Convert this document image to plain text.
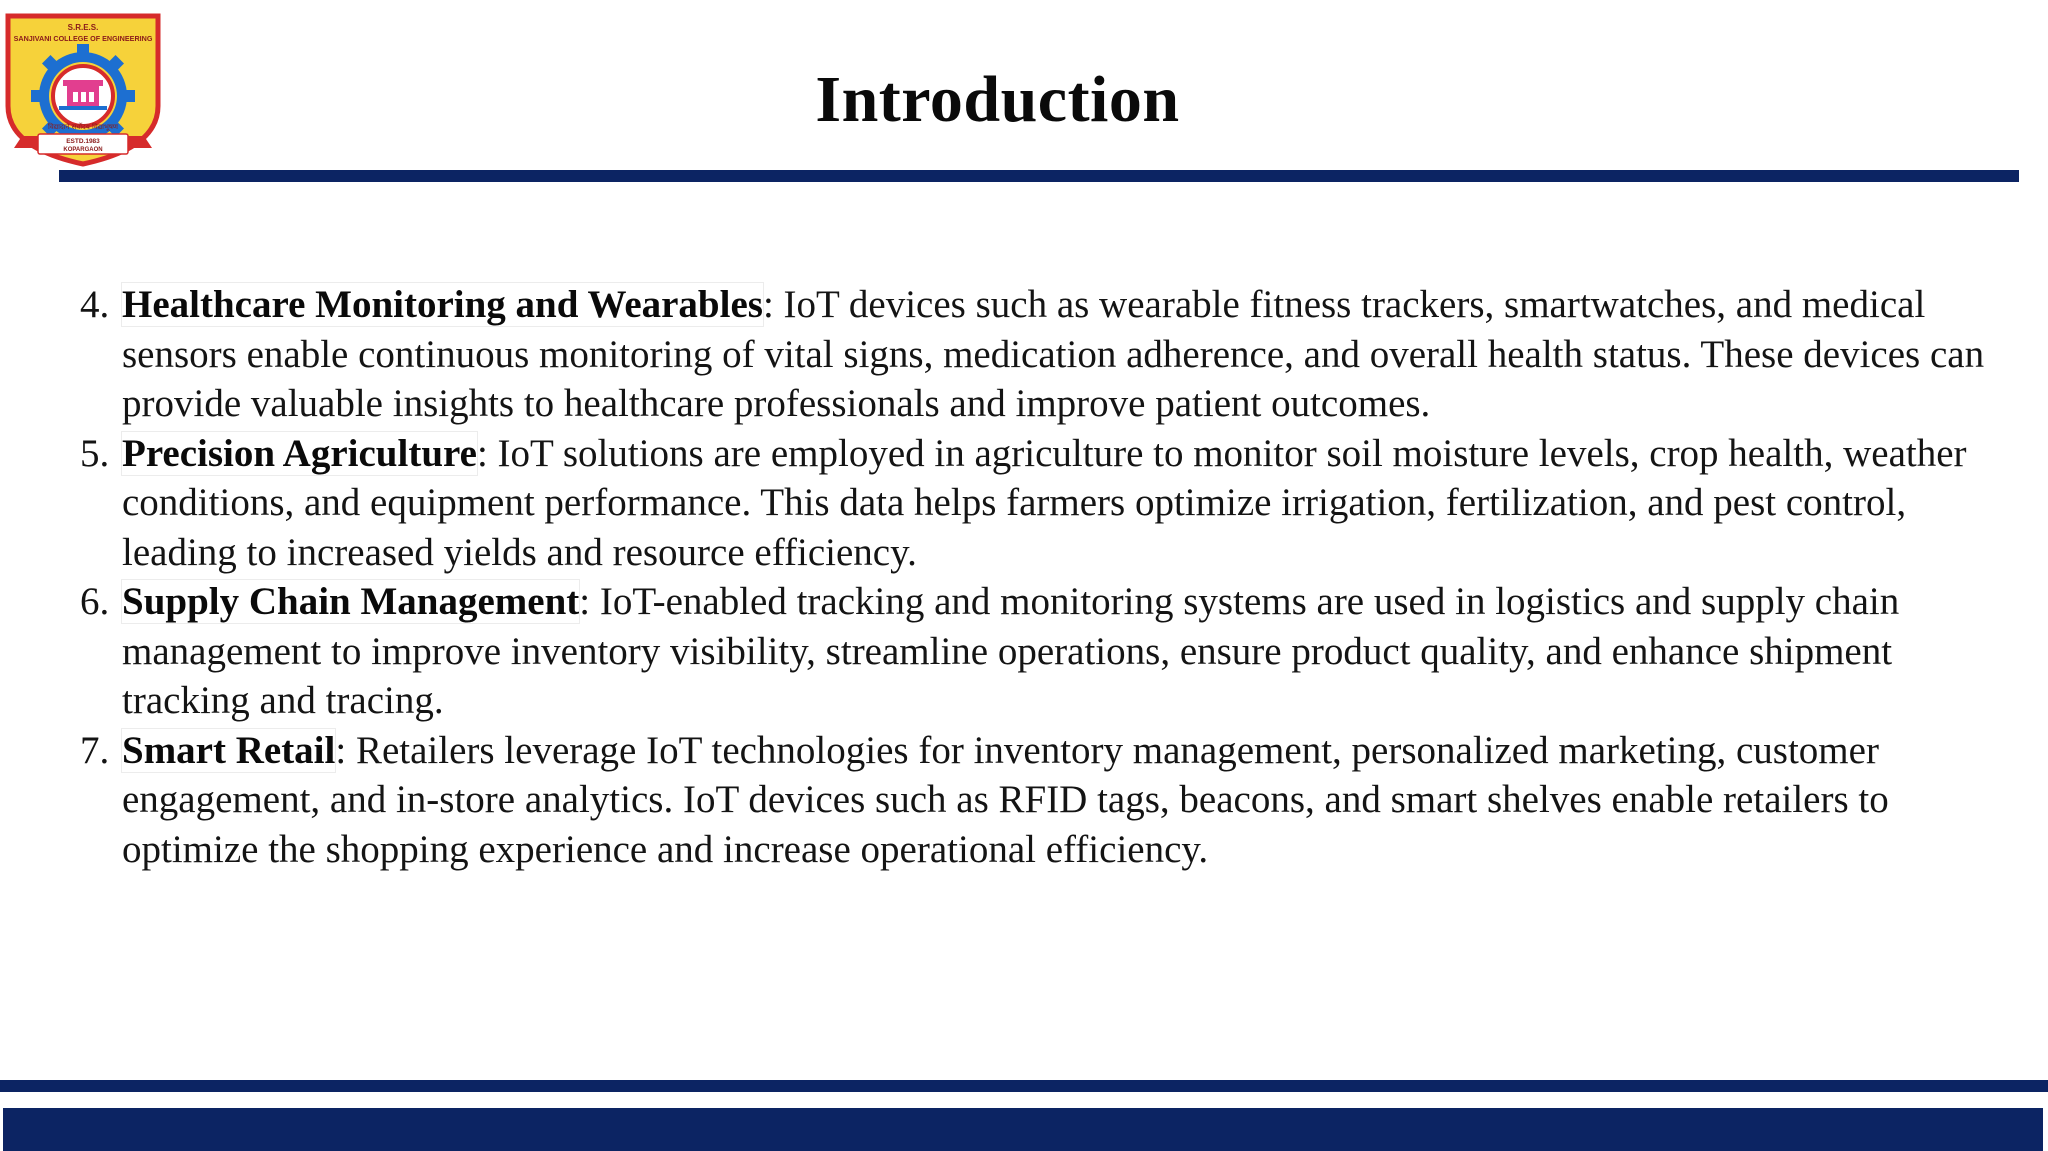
S.R.E.S.
SANJIVANI COLLEGE OF ENGINEERING
विद्यादाने सर्वोदय विद्याभूषण
ESTD.1983
KOPARGAON
Introduction
4. Healthcare Monitoring and Wearables: IoT devices such as wearable fitness trackers, smartwatches, and medical sensors enable continuous monitoring of vital signs, medication adherence, and overall health status. These devices can provide valuable insights to healthcare professionals and improve patient outcomes.
5. Precision Agriculture: IoT solutions are employed in agriculture to monitor soil moisture levels, crop health, weather conditions, and equipment performance. This data helps farmers optimize irrigation, fertilization, and pest control, leading to increased yields and resource efficiency.
6. Supply Chain Management: IoT-enabled tracking and monitoring systems are used in logistics and supply chain management to improve inventory visibility, streamline operations, ensure product quality, and enhance shipment tracking and tracing.
7. Smart Retail: Retailers leverage IoT technologies for inventory management, personalized marketing, customer engagement, and in-store analytics. IoT devices such as RFID tags, beacons, and smart shelves enable retailers to optimize the shopping experience and increase operational efficiency.
